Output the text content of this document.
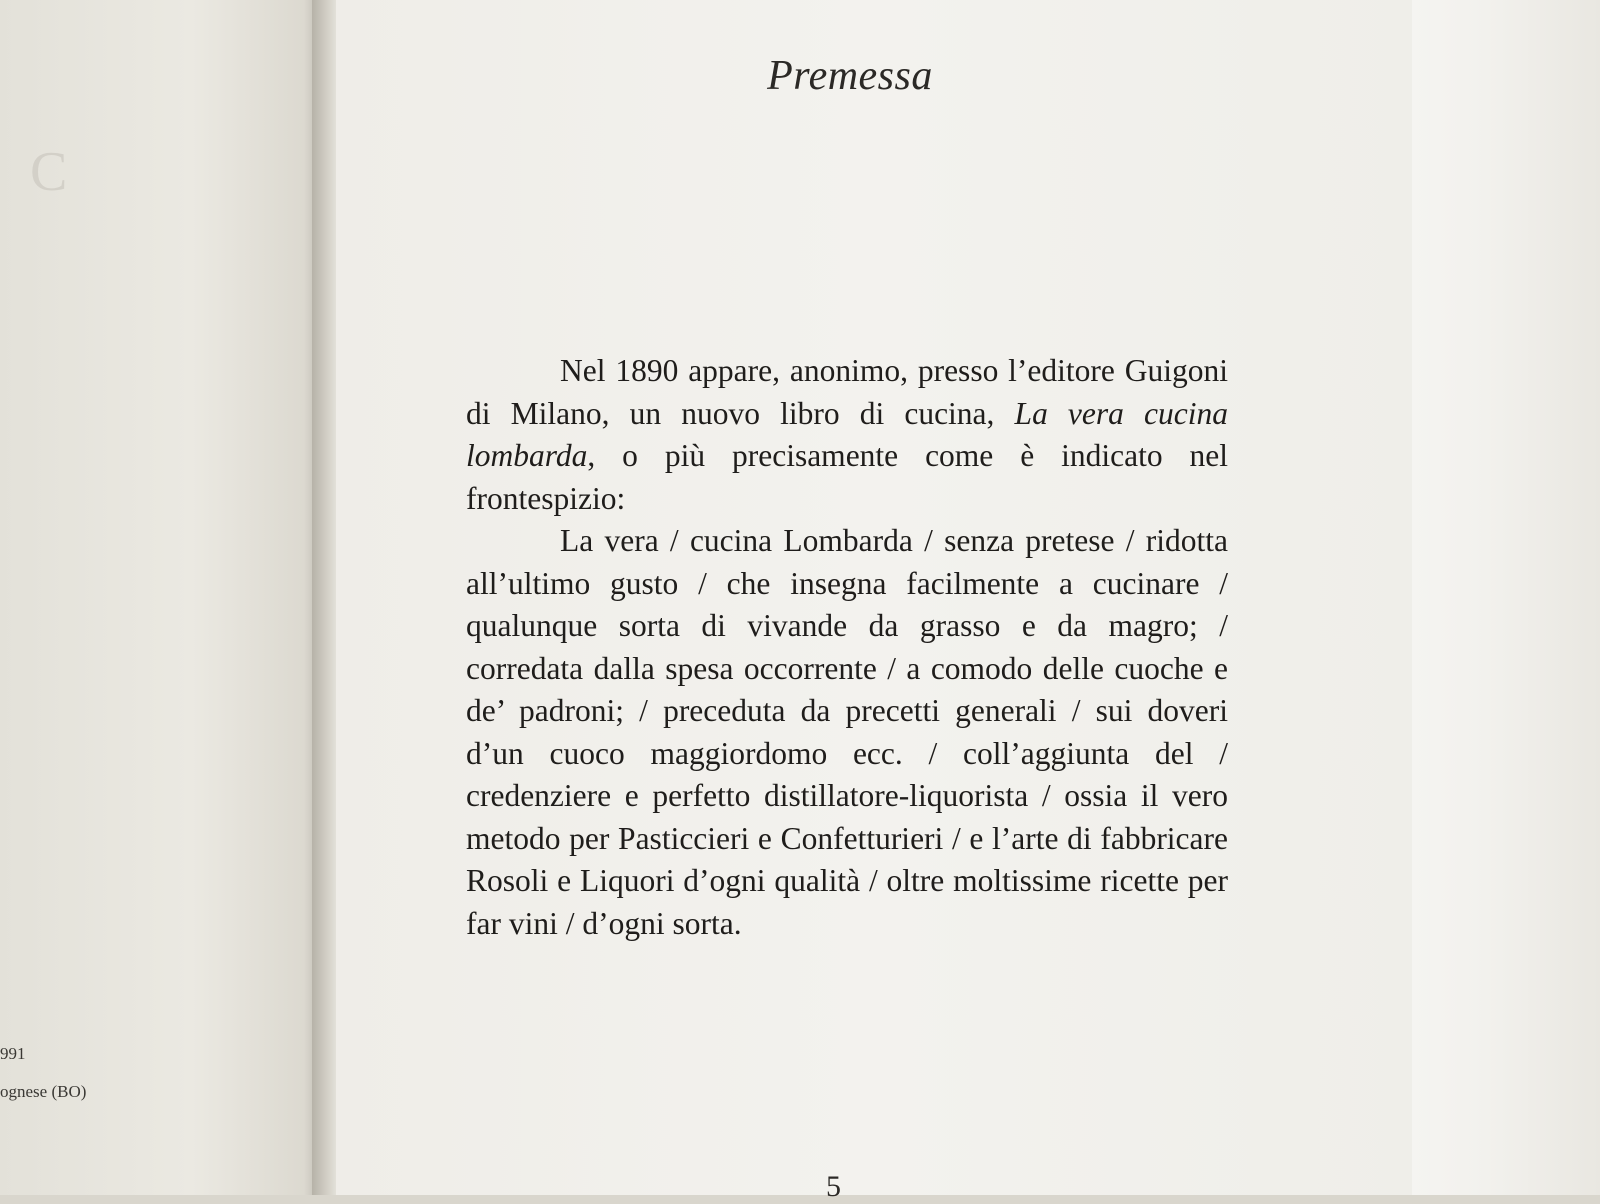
C

991
ognese (BO)
Premessa

Nel 1890 appare, anonimo, presso l’editore Guigoni di Milano, un nuovo libro di cucina, La vera cucina lombarda, o più precisamente come è indicato nel frontespizio:

La vera / cucina Lombarda / senza pretese / ridotta all’ultimo gusto / che insegna facilmente a cucinare / qualunque sorta di vivande da grasso e da magro; / corredata dalla spesa occorrente / a comodo delle cuoche e de’ padroni; / preceduta da precetti generali / sui doveri d’un cuoco maggiordomo ecc. / coll’aggiunta del / credenziere e perfetto distillatore-liquorista / ossia il vero metodo per Pasticcieri e Confetturieri / e l’arte di fabbricare Rosoli e Liquori d’ogni qualità / oltre moltissime ricette per far vini / d’ogni sorta.

5
